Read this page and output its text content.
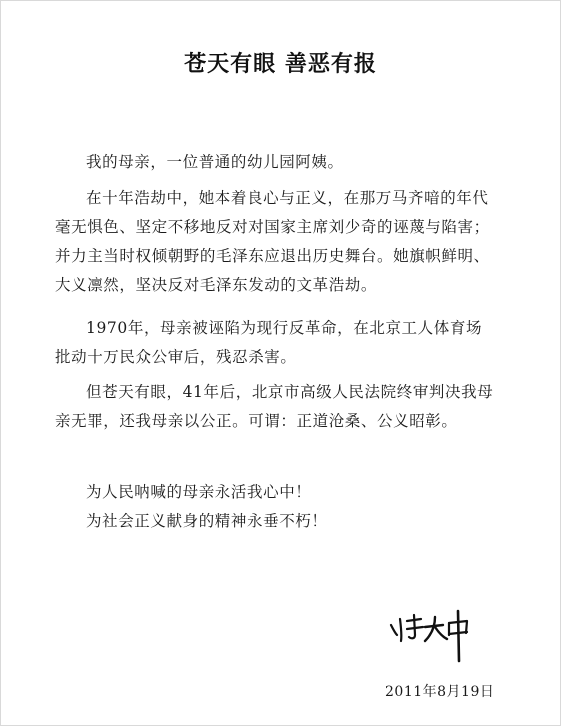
苍天有眼 善恶有报

我的母亲，一位普通的幼儿园阿姨。

在十年浩劫中，她本着良心与正义，在那万马齐喑的年代毫无惧色、坚定不移地反对对国家主席刘少奇的诬蔑与陷害；并力主当时权倾朝野的毛泽东应退出历史舞台。她旗帜鲜明、大义凛然，坚决反对毛泽东发动的文革浩劫。

1970年，母亲被诬陷为现行反革命，在北京工人体育场批动十万民众公审后，残忍杀害。

但苍天有眼，41年后，北京市高级人民法院终审判决我母亲无罪，还我母亲以公正。可谓：正道沧桑、公义昭彰。

为人民呐喊的母亲永活我心中！

为社会正义献身的精神永垂不朽！

2011年8月19日
